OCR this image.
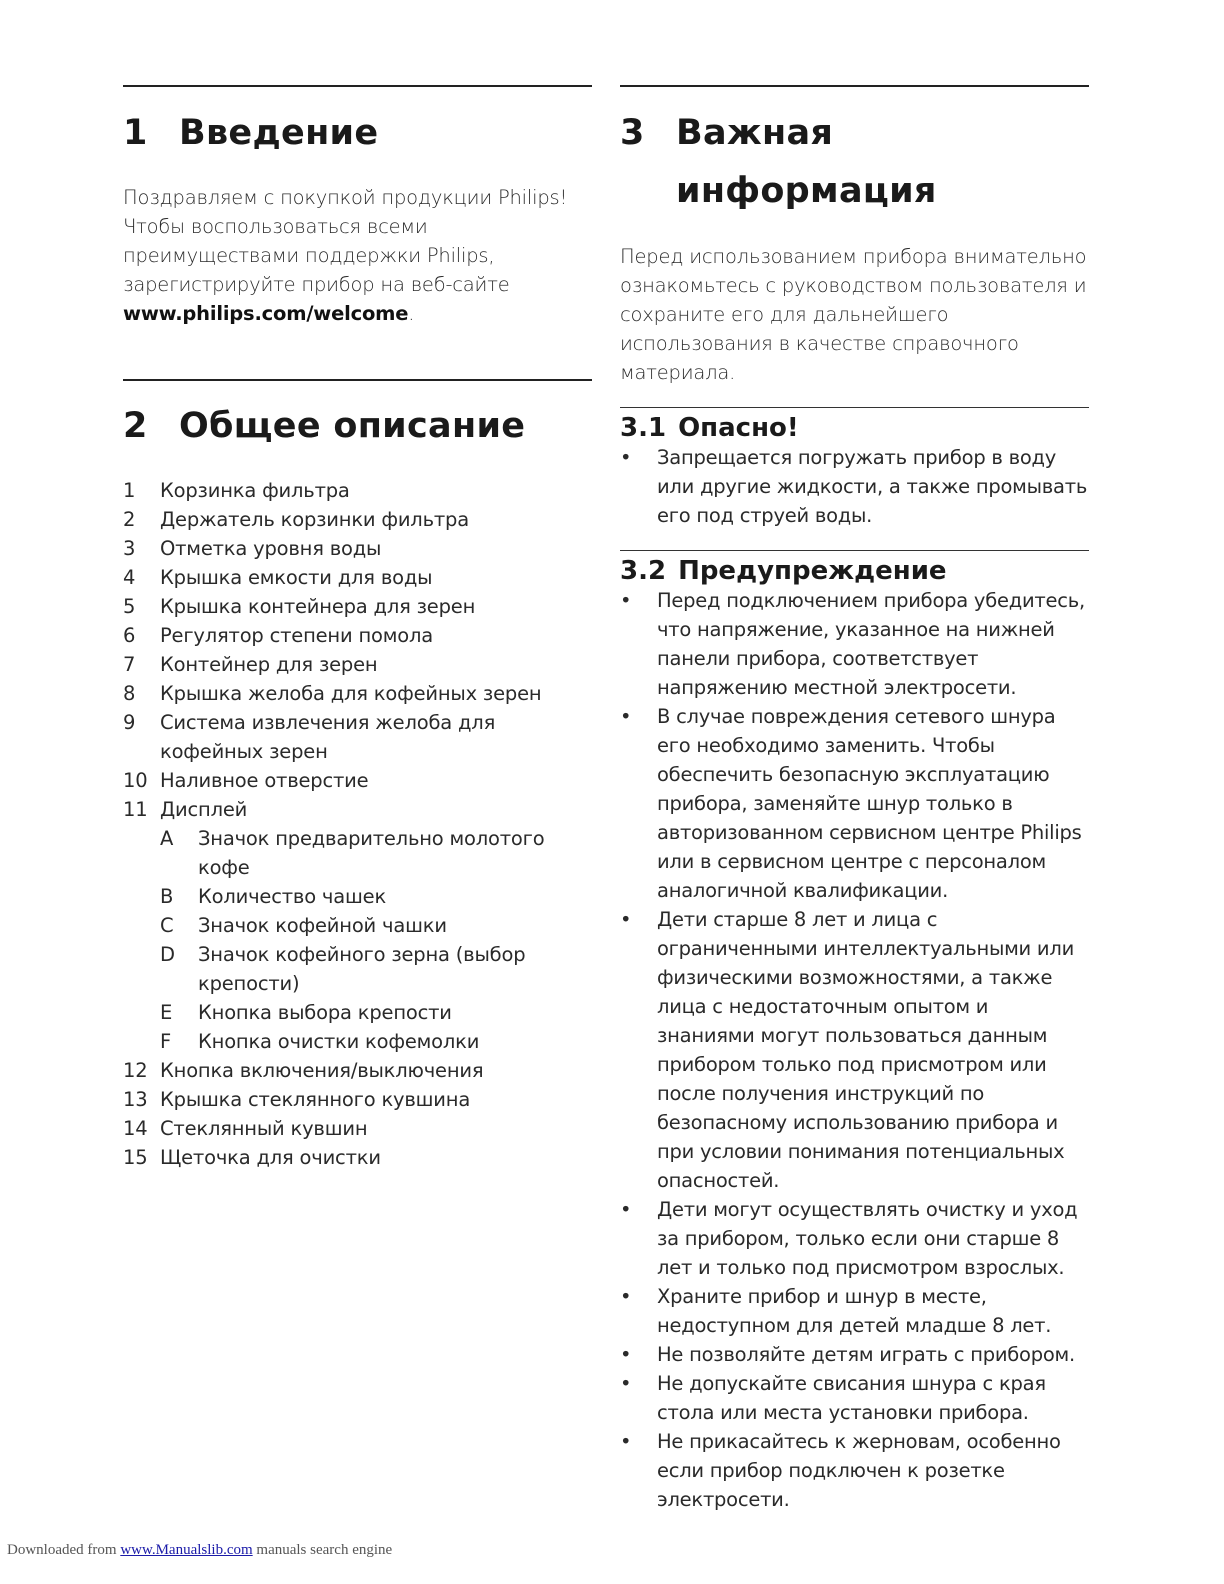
1 Введение

Поздравляем с покупкой продукции Philips! Чтобы воспользоваться всеми преимуществами поддержки Philips, зарегистрируйте прибор на веб-сайте www.philips.com/welcome.

2 Общее описание
1	Корзинка фильтра
2	Держатель корзинки фильтра
3	Отметка уровня воды
4	Крышка емкости для воды
5	Крышка контейнера для зерен
6	Регулятор степени помола
7	Контейнер для зерен
8	Крышка желоба для кофейных зерен
9	Система извлечения желоба для кофейных зерен
10 Наливное отверстие
11 Дисплей
A	Значок предварительно молотого кофе
B	Количество чашек
C	Значок кофейной чашки
D	Значок кофейного зерна (выбор крепости)
E	Кнопка выбора крепости
F	Кнопка очистки кофемолки
12 Кнопка включения/выключения
13 Крышка стеклянного кувшина
14 Стеклянный кувшин
15 Щеточка для очистки
3 Важная
информация

Перед использованием прибора внимательно ознакомьтесь с руководством пользователя и сохраните его для дальнейшего использования в качестве справочного материала.

3.1 Опасно!
•	Запрещается погружать прибор в воду или другие жидкости, а также промывать его под струей воды.
3.2 Предупреждение
•	Перед подключением прибора убедитесь, что напряжение, указанное на нижней панели прибора, соответствует напряжению местной электросети.
•	В случае повреждения сетевого шнура его необходимо заменить. Чтобы обеспечить безопасную эксплуатацию прибора, заменяйте шнур только в авторизованном сервисном центре Philips или в сервисном центре с персоналом аналогичной квалификации.
•	Дети старше 8 лет и лица с ограниченными интеллектуальными или физическими возможностями, а также лица с недостаточным опытом и знаниями могут пользоваться данным прибором только под присмотром или после получения инструкций по безопасному использованию прибора и при условии понимания потенциальных опасностей.
•	Дети могут осуществлять очистку и уход за прибором, только если они старше 8 лет и только под присмотром взрослых.
•	Храните прибор и шнур в месте, недоступном для детей младше 8 лет.
•	Не позволяйте детям играть с прибором.
•	Не допускайте свисания шнура с края стола или места установки прибора.
•	Не прикасайтесь к жерновам, особенно если прибор подключен к розетке электросети.
Downloaded from www.Manualslib.com manuals search engine
